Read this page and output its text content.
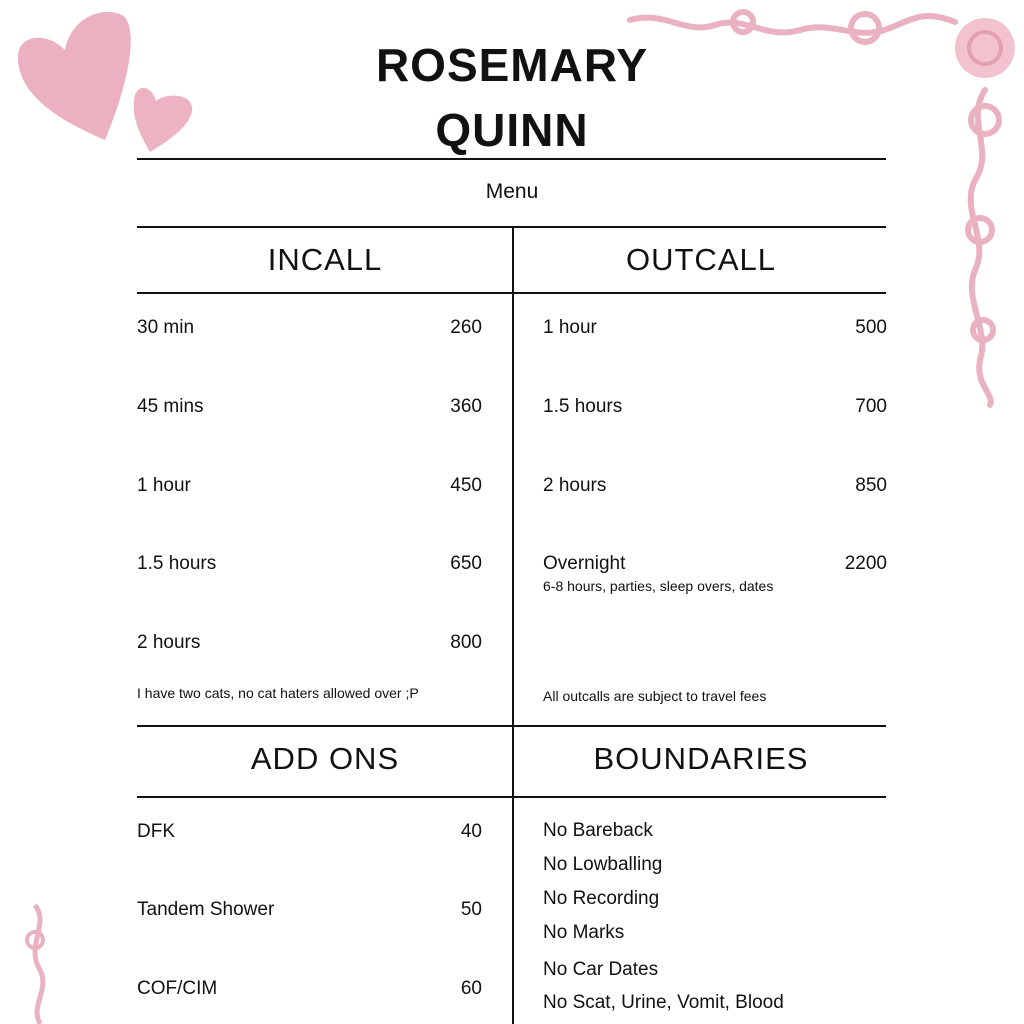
ROSEMARY
QUINN
Menu
INCALL	OUTCALL
ADD ONS	BOUNDARIES
30 min	260
45 mins	360
1 hour	450
1.5 hours	650
2 hours	800
I have two cats, no cat haters allowed over ;P
1 hour	500
1.5 hours	700
2 hours	850
Overnight	2200
6-8 hours, parties, sleep overs, dates
All outcalls are subject to travel fees
DFK	40
Tandem Shower	50
COF/CIM	60
No Bareback
No Lowballing
No Recording
No Marks
No Car Dates
No Scat, Urine, Vomit, Blood
